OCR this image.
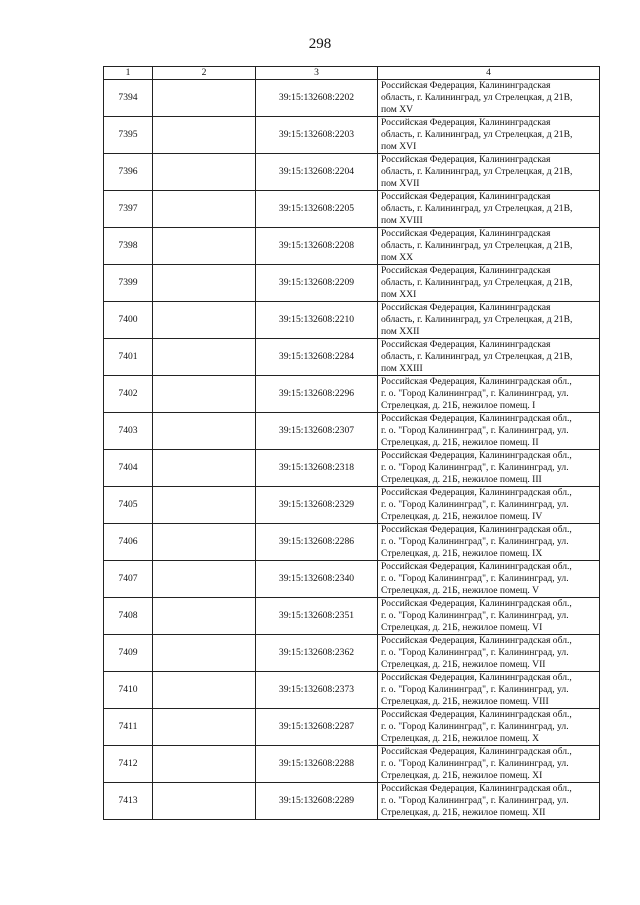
298
1	2	3	4
7394		39:15:132608:2202	Российская Федерация, Калининградская
область, г. Калининград, ул Стрелецкая, д 21В,
пом XV

7395		39:15:132608:2203	Российская Федерация, Калининградская
область, г. Калининград, ул Стрелецкая, д 21В,
пом XVI

7396		39:15:132608:2204	Российская Федерация, Калининградская
область, г. Калининград, ул Стрелецкая, д 21В,
пом XVII

7397		39:15:132608:2205	Российская Федерация, Калининградская
область, г. Калининград, ул Стрелецкая, д 21В,
пом XVIII

7398		39:15:132608:2208	Российская Федерация, Калининградская
область, г. Калининград, ул Стрелецкая, д 21В,
пом XX

7399		39:15:132608:2209	Российская Федерация, Калининградская
область, г. Калининград, ул Стрелецкая, д 21В,
пом XXI

7400		39:15:132608:2210	Российская Федерация, Калининградская
область, г. Калининград, ул Стрелецкая, д 21В,
пом XXII

7401		39:15:132608:2284	Российская Федерация, Калининградская
область, г. Калининград, ул Стрелецкая, д 21В,
пом XXIII

7402		39:15:132608:2296	Российская Федерация, Калининградская обл.,
г. о. "Город Калининград", г. Калининград, ул.
Стрелецкая, д. 21Б, нежилое помещ. I

7403		39:15:132608:2307	Российская Федерация, Калининградская обл.,
г. о. "Город Калининград", г. Калининград, ул.
Стрелецкая, д. 21Б, нежилое помещ. II

7404		39:15:132608:2318	Российская Федерация, Калининградская обл.,
г. о. "Город Калининград", г. Калининград, ул.
Стрелецкая, д. 21Б, нежилое помещ. III

7405		39:15:132608:2329	Российская Федерация, Калининградская обл.,
г. о. "Город Калининград", г. Калининград, ул.
Стрелецкая, д. 21Б, нежилое помещ. IV

7406		39:15:132608:2286	Российская Федерация, Калининградская обл.,
г. о. "Город Калининград", г. Калининград, ул.
Стрелецкая, д. 21Б, нежилое помещ. IX

7407		39:15:132608:2340	Российская Федерация, Калининградская обл.,
г. о. "Город Калининград", г. Калининград, ул.
Стрелецкая, д. 21Б, нежилое помещ. V

7408		39:15:132608:2351	Российская Федерация, Калининградская обл.,
г. о. "Город Калининград", г. Калининград, ул.
Стрелецкая, д. 21Б, нежилое помещ. VI

7409		39:15:132608:2362	Российская Федерация, Калининградская обл.,
г. о. "Город Калининград", г. Калининград, ул.
Стрелецкая, д. 21Б, нежилое помещ. VII

7410		39:15:132608:2373	Российская Федерация, Калининградская обл.,
г. о. "Город Калининград", г. Калининград, ул.
Стрелецкая, д. 21Б, нежилое помещ. VIII

7411		39:15:132608:2287	Российская Федерация, Калининградская обл.,
г. о. "Город Калининград", г. Калининград, ул.
Стрелецкая, д. 21Б, нежилое помещ. X

7412		39:15:132608:2288	Российская Федерация, Калининградская обл.,
г. о. "Город Калининград", г. Калининград, ул.
Стрелецкая, д. 21Б, нежилое помещ. XI

7413		39:15:132608:2289	Российская Федерация, Калининградская обл.,
г. о. "Город Калининград", г. Калининград, ул.
Стрелецкая, д. 21Б, нежилое помещ. XII
